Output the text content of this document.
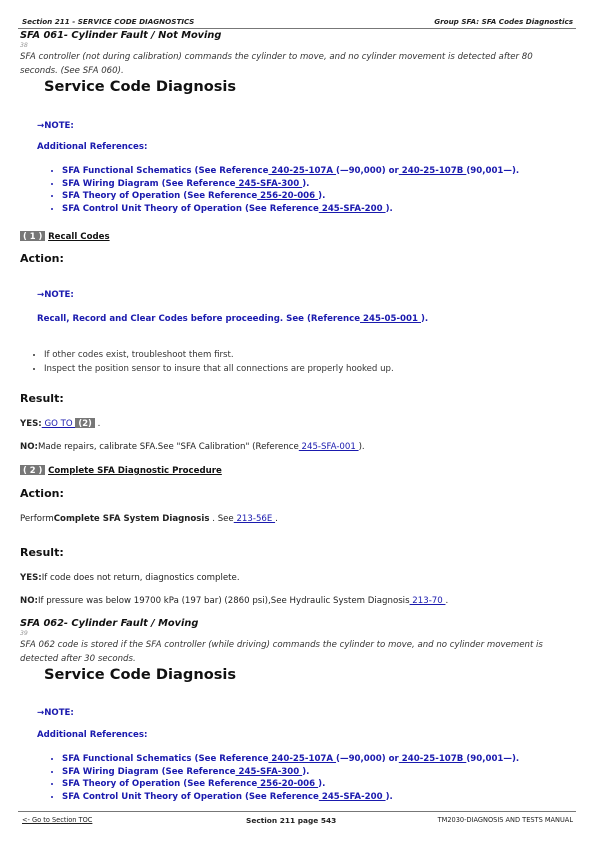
Section 211 - SERVICE CODE DIAGNOSTICS	Group SFA: SFA Codes Diagnostics
SFA 061- Cylinder Fault / Not Moving
38
SFA controller (not during calibration) commands the cylinder to move, and no cylinder movement is detected after 80 seconds. (See SFA 060).
Service Code Diagnosis
→NOTE:
Additional References:
• SFA Functional Schematics (See Reference 240-25-107A (—90,000) or 240-25-107B (90,001—).
• SFA Wiring Diagram (See Reference 245-SFA-300 ).
• SFA Theory of Operation (See Reference 256-20-006 ).
• SFA Control Unit Theory of Operation (See Reference 245-SFA-200 ).
( 1 ) Recall Codes
Action:
→NOTE:
Recall, Record and Clear Codes before proceeding. See (Reference 245-05-001 ).
• If other codes exist, troubleshoot them first.
• Inspect the position sensor to insure that all connections are properly hooked up.
Result:
YES: GO TO (2) .
NO:Made repairs, calibrate SFA.See "SFA Calibration" (Reference 245-SFA-001 ).
( 2 ) Complete SFA Diagnostic Procedure
Action:
PerformComplete SFA System Diagnosis . See 213-56E .
Result:
YES:If code does not return, diagnostics complete.
NO:If pressure was below 19700 kPa (197 bar) (2860 psi),See Hydraulic System Diagnosis 213-70 .
SFA 062- Cylinder Fault / Moving
39
SFA 062 code is stored if the SFA controller (while driving) commands the cylinder to move, and no cylinder movement is detected after 30 seconds.
Service Code Diagnosis
→NOTE:
Additional References:
• SFA Functional Schematics (See Reference 240-25-107A (—90,000) or 240-25-107B (90,001—).
• SFA Wiring Diagram (See Reference 245-SFA-300 ).
• SFA Theory of Operation (See Reference 256-20-006 ).
• SFA Control Unit Theory of Operation (See Reference 245-SFA-200 ).
<- Go to Section TOC	Section 211 page 543	TM2030-DIAGNOSIS AND TESTS MANUAL
